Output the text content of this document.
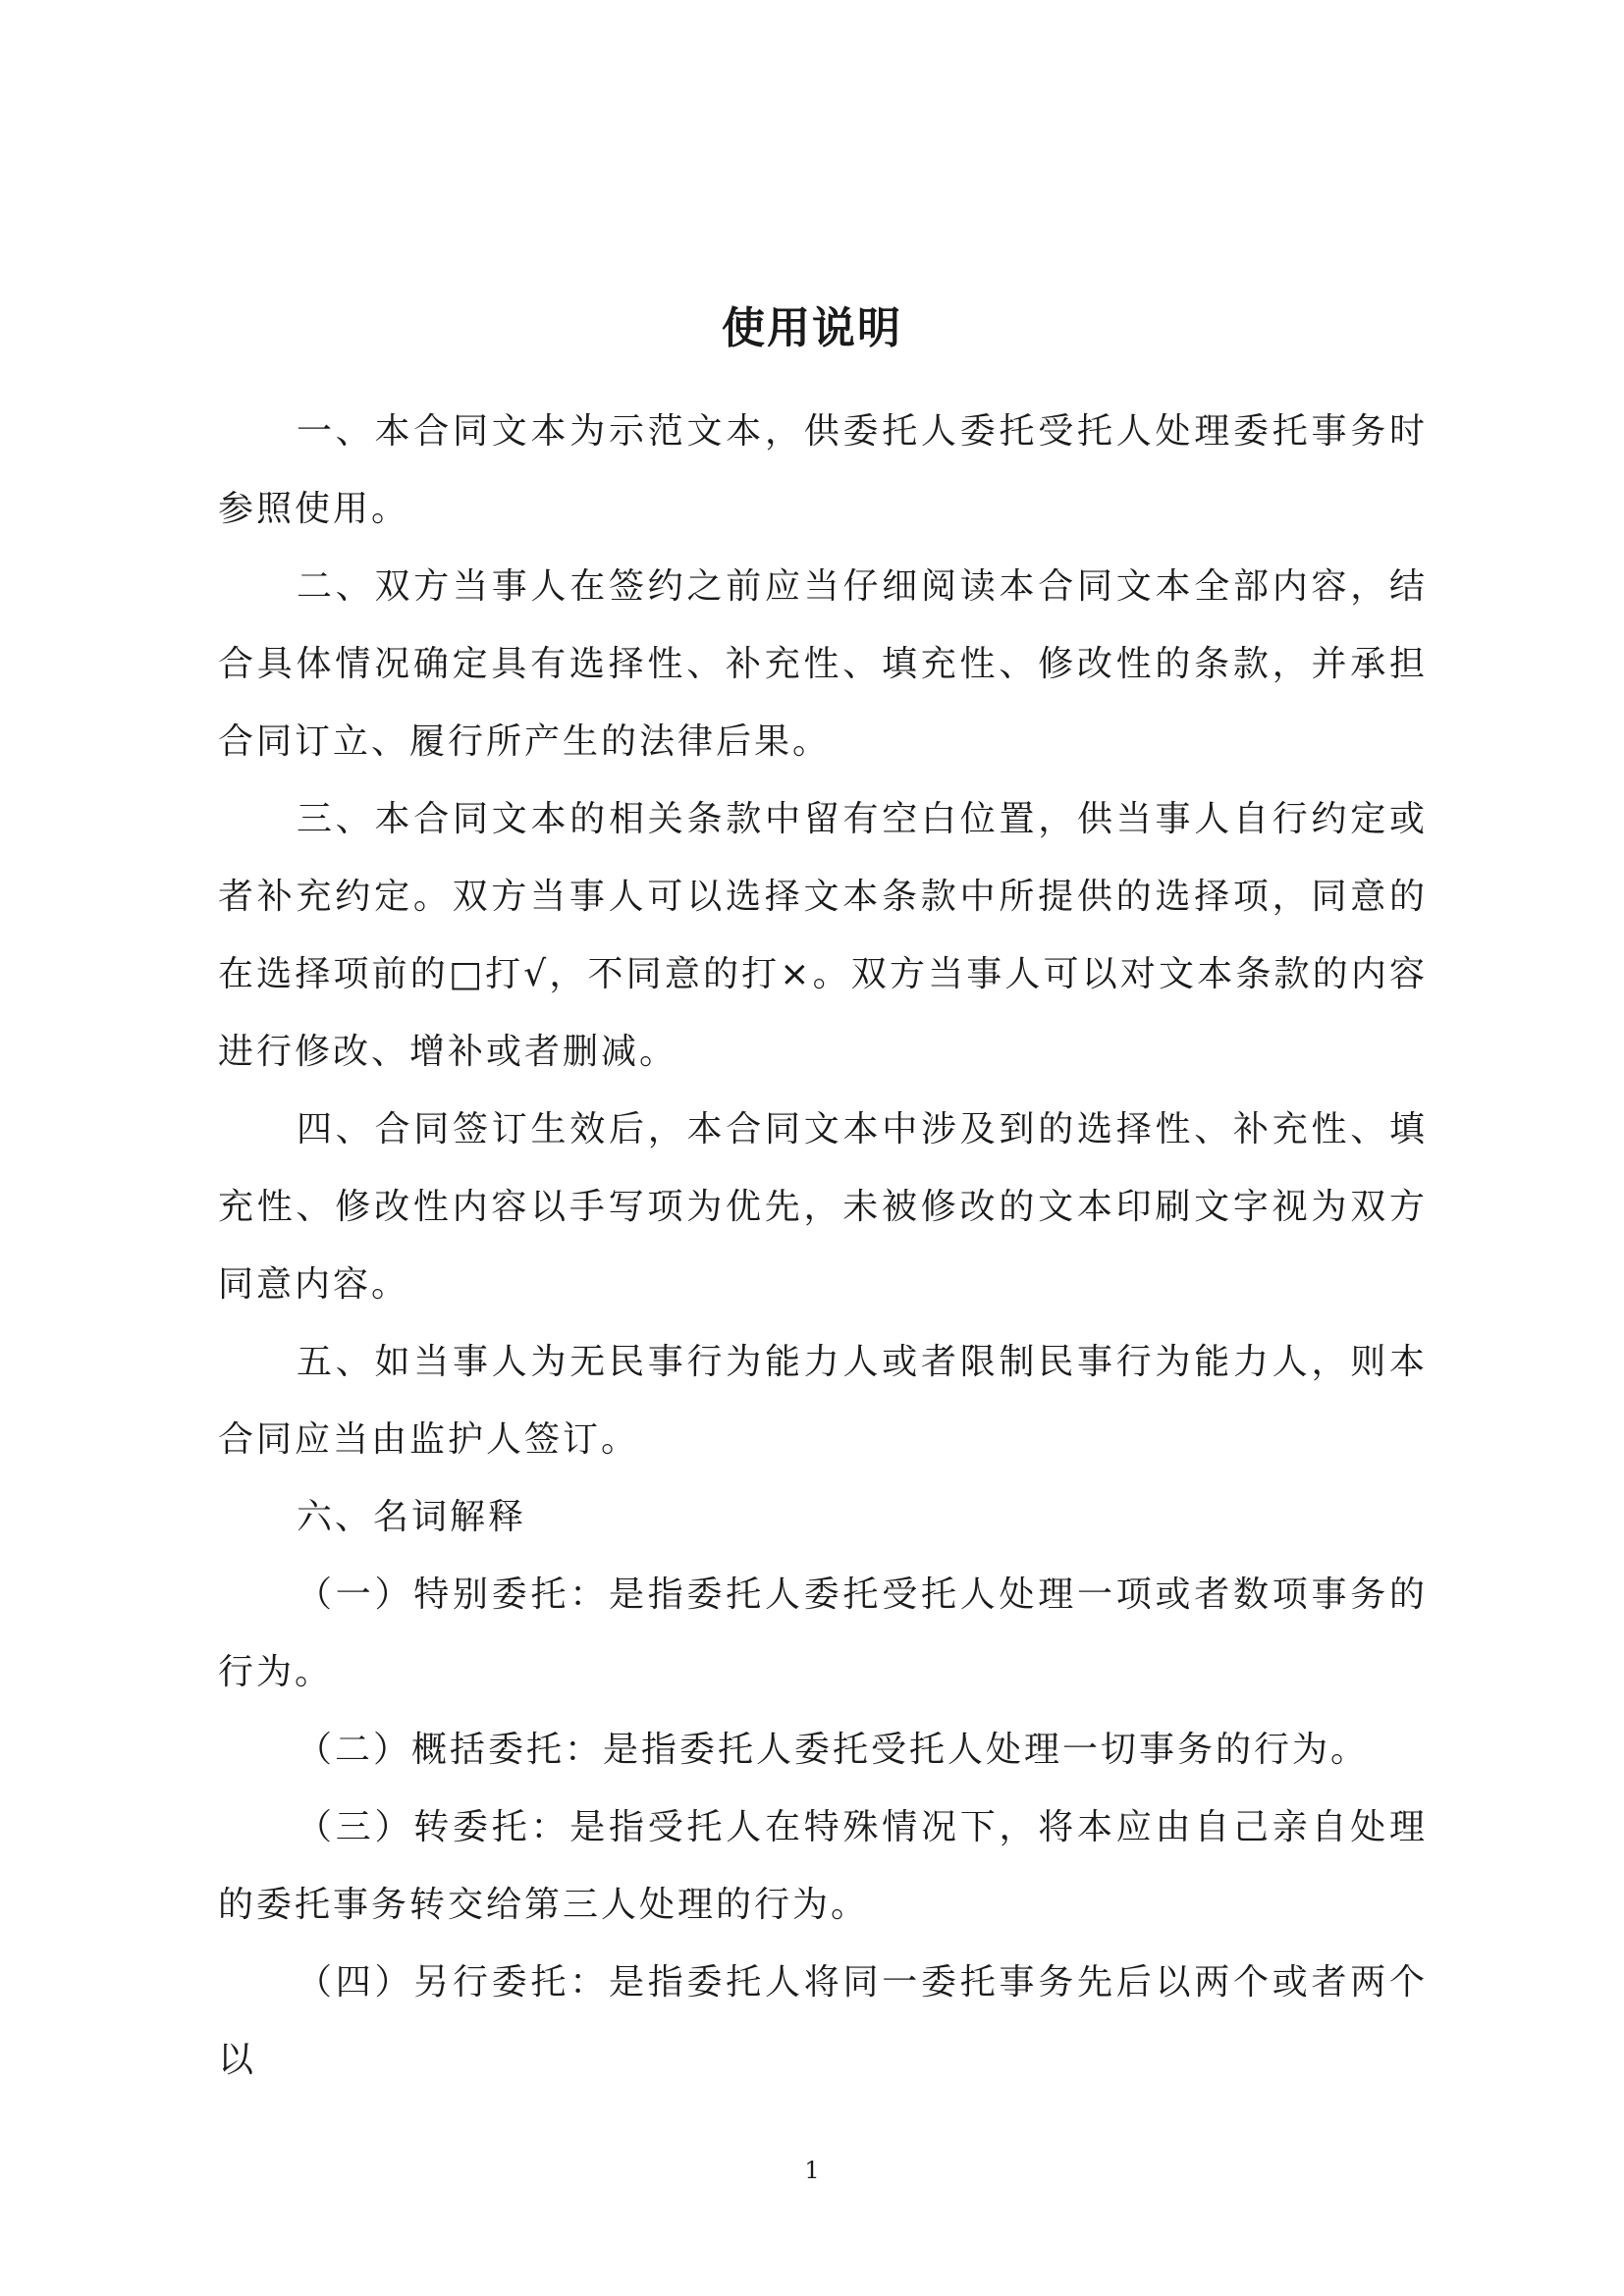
使用说明

一、本合同文本为示范文本，供委托人委托受托人处理委托事务时参照使用。

二、双方当事人在签约之前应当仔细阅读本合同文本全部内容，结合具体情况确定具有选择性、补充性、填充性、修改性的条款，并承担合同订立、履行所产生的法律后果。

三、本合同文本的相关条款中留有空白位置，供当事人自行约定或者补充约定。双方当事人可以选择文本条款中所提供的选择项，同意的在选择项前的□打√，不同意的打×。双方当事人可以对文本条款的内容进行修改、增补或者删减。

四、合同签订生效后，本合同文本中涉及到的选择性、补充性、填充性、修改性内容以手写项为优先，未被修改的文本印刷文字视为双方同意内容。

五、如当事人为无民事行为能力人或者限制民事行为能力人，则本合同应当由监护人签订。

六、名词解释

（一）特别委托：是指委托人委托受托人处理一项或者数项事务的行为。

（二）概括委托：是指委托人委托受托人处理一切事务的行为。

（三）转委托：是指受托人在特殊情况下，将本应由自己亲自处理的委托事务转交给第三人处理的行为。

（四）另行委托：是指委托人将同一委托事务先后以两个或者两个以

1
